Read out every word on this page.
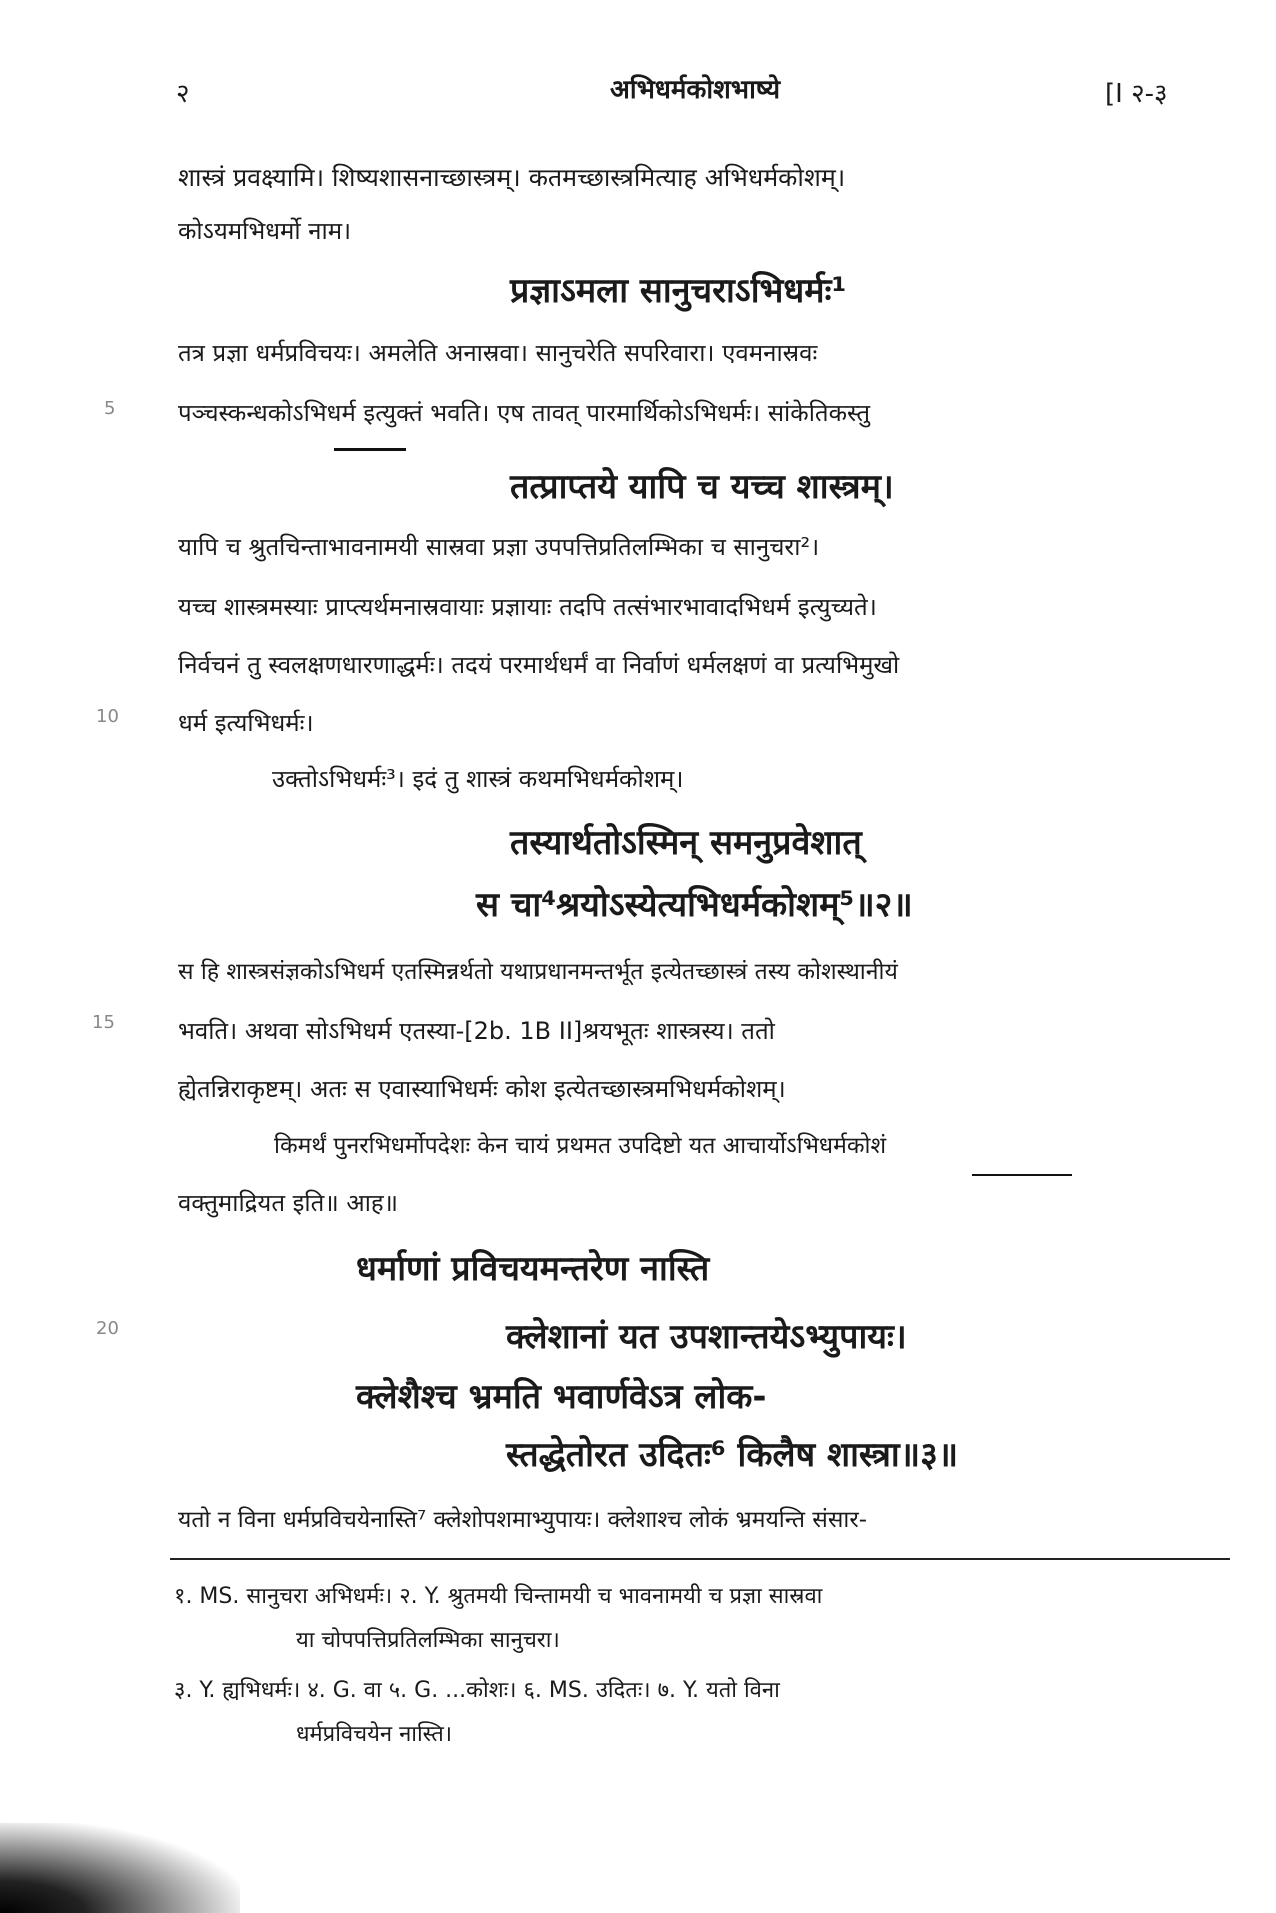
२	अभिधर्मकोशभाष्ये	[I २-३
शास्त्रं प्रवक्ष्यामि। शिष्यशासनाच्छास्त्रम्। कतमच्छास्त्रमित्याह अभिधर्मकोशम्।
कोऽयमभिधर्मो नाम।
प्रज्ञाऽमला सानुचराऽभिधर्मः¹
तत्र प्रज्ञा धर्मप्रविचयः। अमलेति अनास्रवा। सानुचरेति सपरिवारा। एवमनास्रवः
पञ्चस्कन्धकोऽभिधर्म इत्युक्तं भवति। एष तावत् पारमार्थिकोऽभिधर्मः। सांकेतिकस्तु
तत्प्राप्तये यापि च यच्च शास्त्रम्।
यापि च श्रुतचिन्ताभावनामयी सास्रवा प्रज्ञा उपपत्तिप्रतिलम्भिका च सानुचरा²।
यच्च शास्त्रमस्याः प्राप्त्यर्थमनास्रवायाः प्रज्ञायाः तदपि तत्संभारभावादभिधर्म इत्युच्यते।
निर्वचनं तु स्वलक्षणधारणाद्धर्मः। तदयं परमार्थधर्मं वा निर्वाणं धर्मलक्षणं वा प्रत्यभिमुखो
धर्म इत्यभिधर्मः।
उक्तोऽभिधर्मः³। इदं तु शास्त्रं कथमभिधर्मकोशम्।
तस्यार्थतोऽस्मिन् समनुप्रवेशात्
स चा⁴श्रयोऽस्येत्यभिधर्मकोशम्⁵॥२॥
स हि शास्त्रसंज्ञकोऽभिधर्म एतस्मिन्नर्थतो यथाप्रधानमन्तर्भूत इत्येतच्छास्त्रं तस्य कोशस्थानीयं
भवति। अथवा सोऽभिधर्म एतस्या-[2b. 1B II]श्रयभूतः शास्त्रस्य। ततो
ह्येतन्निराकृष्टम्। अतः स एवास्याभिधर्मः कोश इत्येतच्छास्त्रमभिधर्मकोशम्।
किमर्थं पुनरभिधर्मोपदेशः केन चायं प्रथमत उपदिष्टो यत आचार्योऽभिधर्मकोशं
वक्तुमाद्रियत इति॥ आह॥
धर्माणां प्रविचयमन्तरेण नास्ति
क्लेशानां यत उपशान्तयेऽभ्युपायः।
क्लेशैश्च भ्रमति भवार्णवेऽत्र लोक-
स्तद्धेतोरत उदितः⁶ किलैष शास्त्रा॥३॥
यतो न विना धर्मप्रविचयेनास्ति⁷ क्लेशोपशमाभ्युपायः। क्लेशाश्च लोकं भ्रमयन्ति संसार-
१. MS. सानुचरा अभिधर्मः। २. Y. श्रुतमयी चिन्तामयी च भावनामयी च प्रज्ञा सास्रवा
या चोपपत्तिप्रतिलम्भिका सानुचरा।
३. Y. ह्यभिधर्मः। ४. G. वा ५. G. ...कोशः। ६. MS. उदितः। ७. Y. यतो विना
धर्मप्रविचयेन नास्ति।
5
10
15
20
